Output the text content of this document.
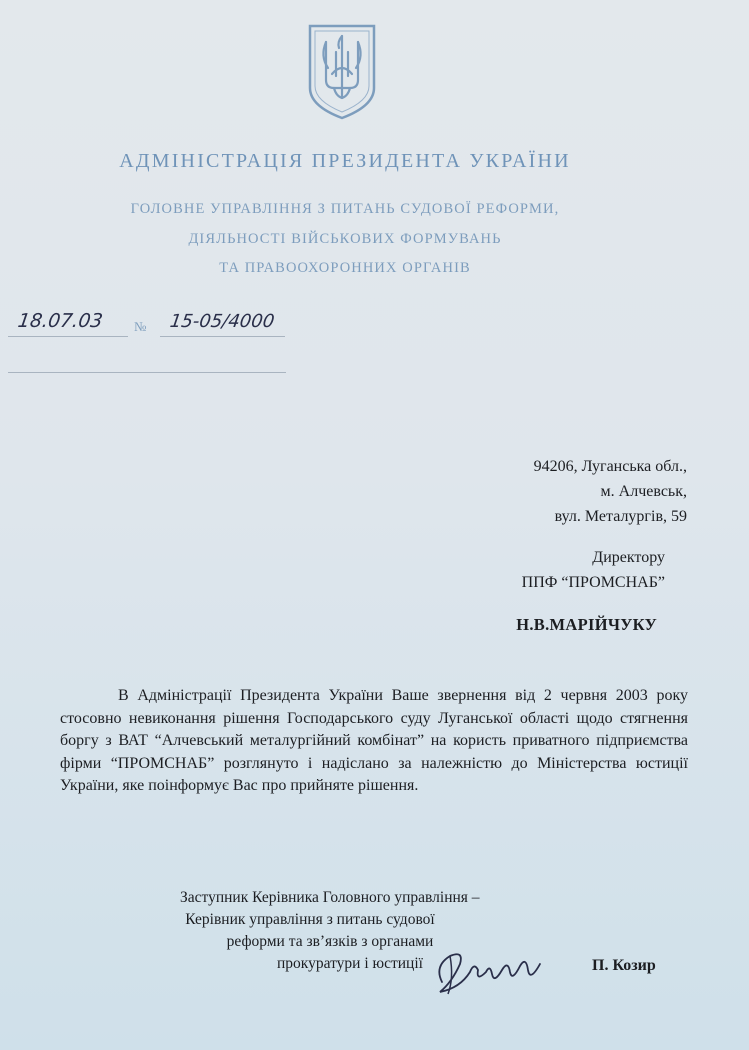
АДМІНІСТРАЦІЯ ПРЕЗИДЕНТА УКРАЇНИ
ГОЛОВНЕ УПРАВЛІННЯ З ПИТАНЬ СУДОВОЇ РЕФОРМИ,
ДІЯЛЬНОСТІ ВІЙСЬКОВИХ ФОРМУВАНЬ
ТА ПРАВООХОРОННИХ ОРГАНІВ
18.07.03 № 15-05/4000
94206, Луганська обл.,
м. Алчевськ,
вул. Металургів, 59
Директору
ППФ “ПРОМСНАБ”
Н.В.МАРІЙЧУКУ
В Адміністрації Президента України Ваше звернення від 2 червня 2003 року стосовно невиконання рішення Господарського суду Луганської області щодо стягнення боргу з ВАТ “Алчевський металургійний комбінат” на користь приватного підприємства фірми “ПРОМСНАБ” розглянуто і надіслано за належністю до Міністерства юстиції України, яке поінформує Вас про прийняте рішення.
Заступник Керівника Головного управління –
Керівник управління з питань судової
реформи та зв’язків з органами
прокуратури і юстиції	П. Козир
